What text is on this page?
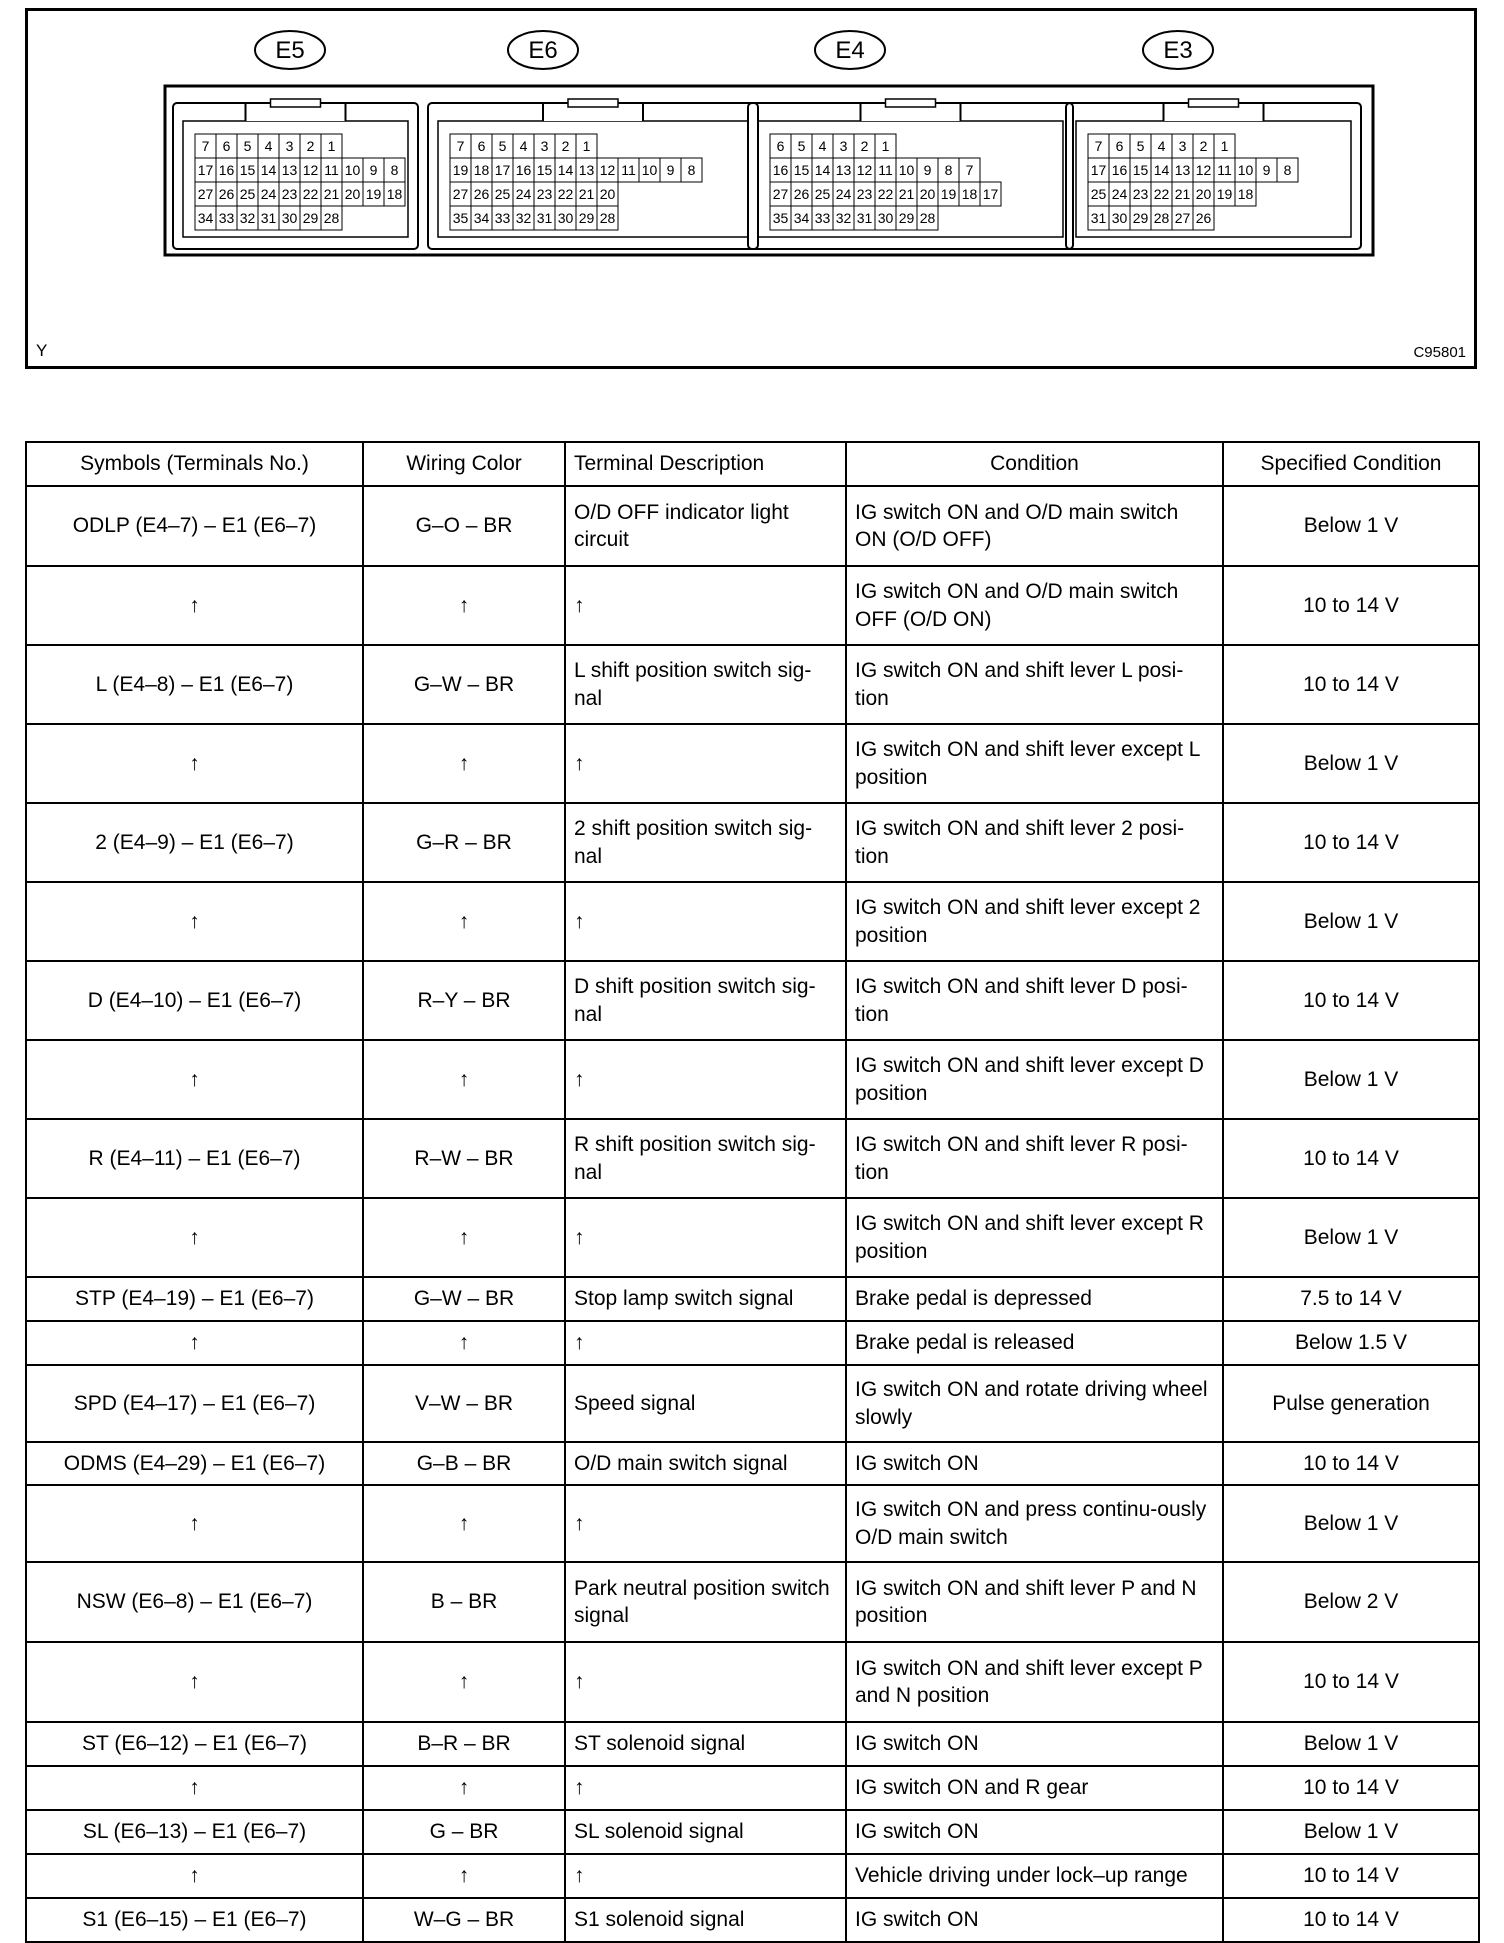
E5
7 6 5 4 3 2 1
17 16 15 14 13 12 11 10 9 8
27 26 25 24 23 22 21 20 19 18
34 33 32 31 30 29 28
E6
7 6 5 4 3 2 1
19 18 17 16 15 14 13 12 11 10 9 8
27 26 25 24 23 22 21 20
35 34 33 32 31 30 29 28
E4
6 5 4 3 2 1
16 15 14 13 12 11 10 9 8 7
27 26 25 24 23 22 21 20 19 18 17
35 34 33 32 31 30 29 28
E3
7 6 5 4 3 2 1
17 16 15 14 13 12 11 10 9 8
25 24 23 22 21 20 19 18
31 30 29 28 27 26
Y	C95801
Symbols (Terminals No.)	Wiring Color	Terminal Description	Condition	Specified Condition
ODLP (E4–7) – E1 (E6–7)	G–O – BR	O/D OFF indicator light circuit	IG switch ON and O/D main switch ON (O/D OFF)	Below 1 V
↑	↑	↑	IG switch ON and O/D main switch OFF (O/D ON)	10 to 14 V
L (E4–8) – E1 (E6–7)	G–W – BR	L shift position switch sig-nal	IG switch ON and shift lever L posi-tion	10 to 14 V
↑	↑	↑	IG switch ON and shift lever except L position	Below 1 V
2 (E4–9) – E1 (E6–7)	G–R – BR	2 shift position switch sig-nal	IG switch ON and shift lever 2 posi-tion	10 to 14 V
↑	↑	↑	IG switch ON and shift lever except 2 position	Below 1 V
D (E4–10) – E1 (E6–7)	R–Y – BR	D shift position switch sig-nal	IG switch ON and shift lever D posi-tion	10 to 14 V
↑	↑	↑	IG switch ON and shift lever except D position	Below 1 V
R (E4–11) – E1 (E6–7)	R–W – BR	R shift position switch sig-nal	IG switch ON and shift lever R posi-tion	10 to 14 V
↑	↑	↑	IG switch ON and shift lever except R position	Below 1 V
STP (E4–19) – E1 (E6–7)	G–W – BR	Stop lamp switch signal	Brake pedal is depressed	7.5 to 14 V
↑	↑	↑	Brake pedal is released	Below 1.5 V
SPD (E4–17) – E1 (E6–7)	V–W – BR	Speed signal	IG switch ON and rotate driving wheel slowly	Pulse generation
ODMS (E4–29) – E1 (E6–7)	G–B – BR	O/D main switch signal	IG switch ON	10 to 14 V
↑	↑	↑	IG switch ON and press continu-ously O/D main switch	Below 1 V
NSW (E6–8) – E1 (E6–7)	B – BR	Park neutral position switch signal	IG switch ON and shift lever P and N position	Below 2 V
↑	↑	↑	IG switch ON and shift lever except P and N position	10 to 14 V
ST (E6–12) – E1 (E6–7)	B–R – BR	ST solenoid signal	IG switch ON	Below 1 V
↑	↑	↑	IG switch ON and R gear	10 to 14 V
SL (E6–13) – E1 (E6–7)	G – BR	SL solenoid signal	IG switch ON	Below 1 V
↑	↑	↑	Vehicle driving under lock–up range	10 to 14 V
S1 (E6–15) – E1 (E6–7)	W–G – BR	S1 solenoid signal	IG switch ON	10 to 14 V
